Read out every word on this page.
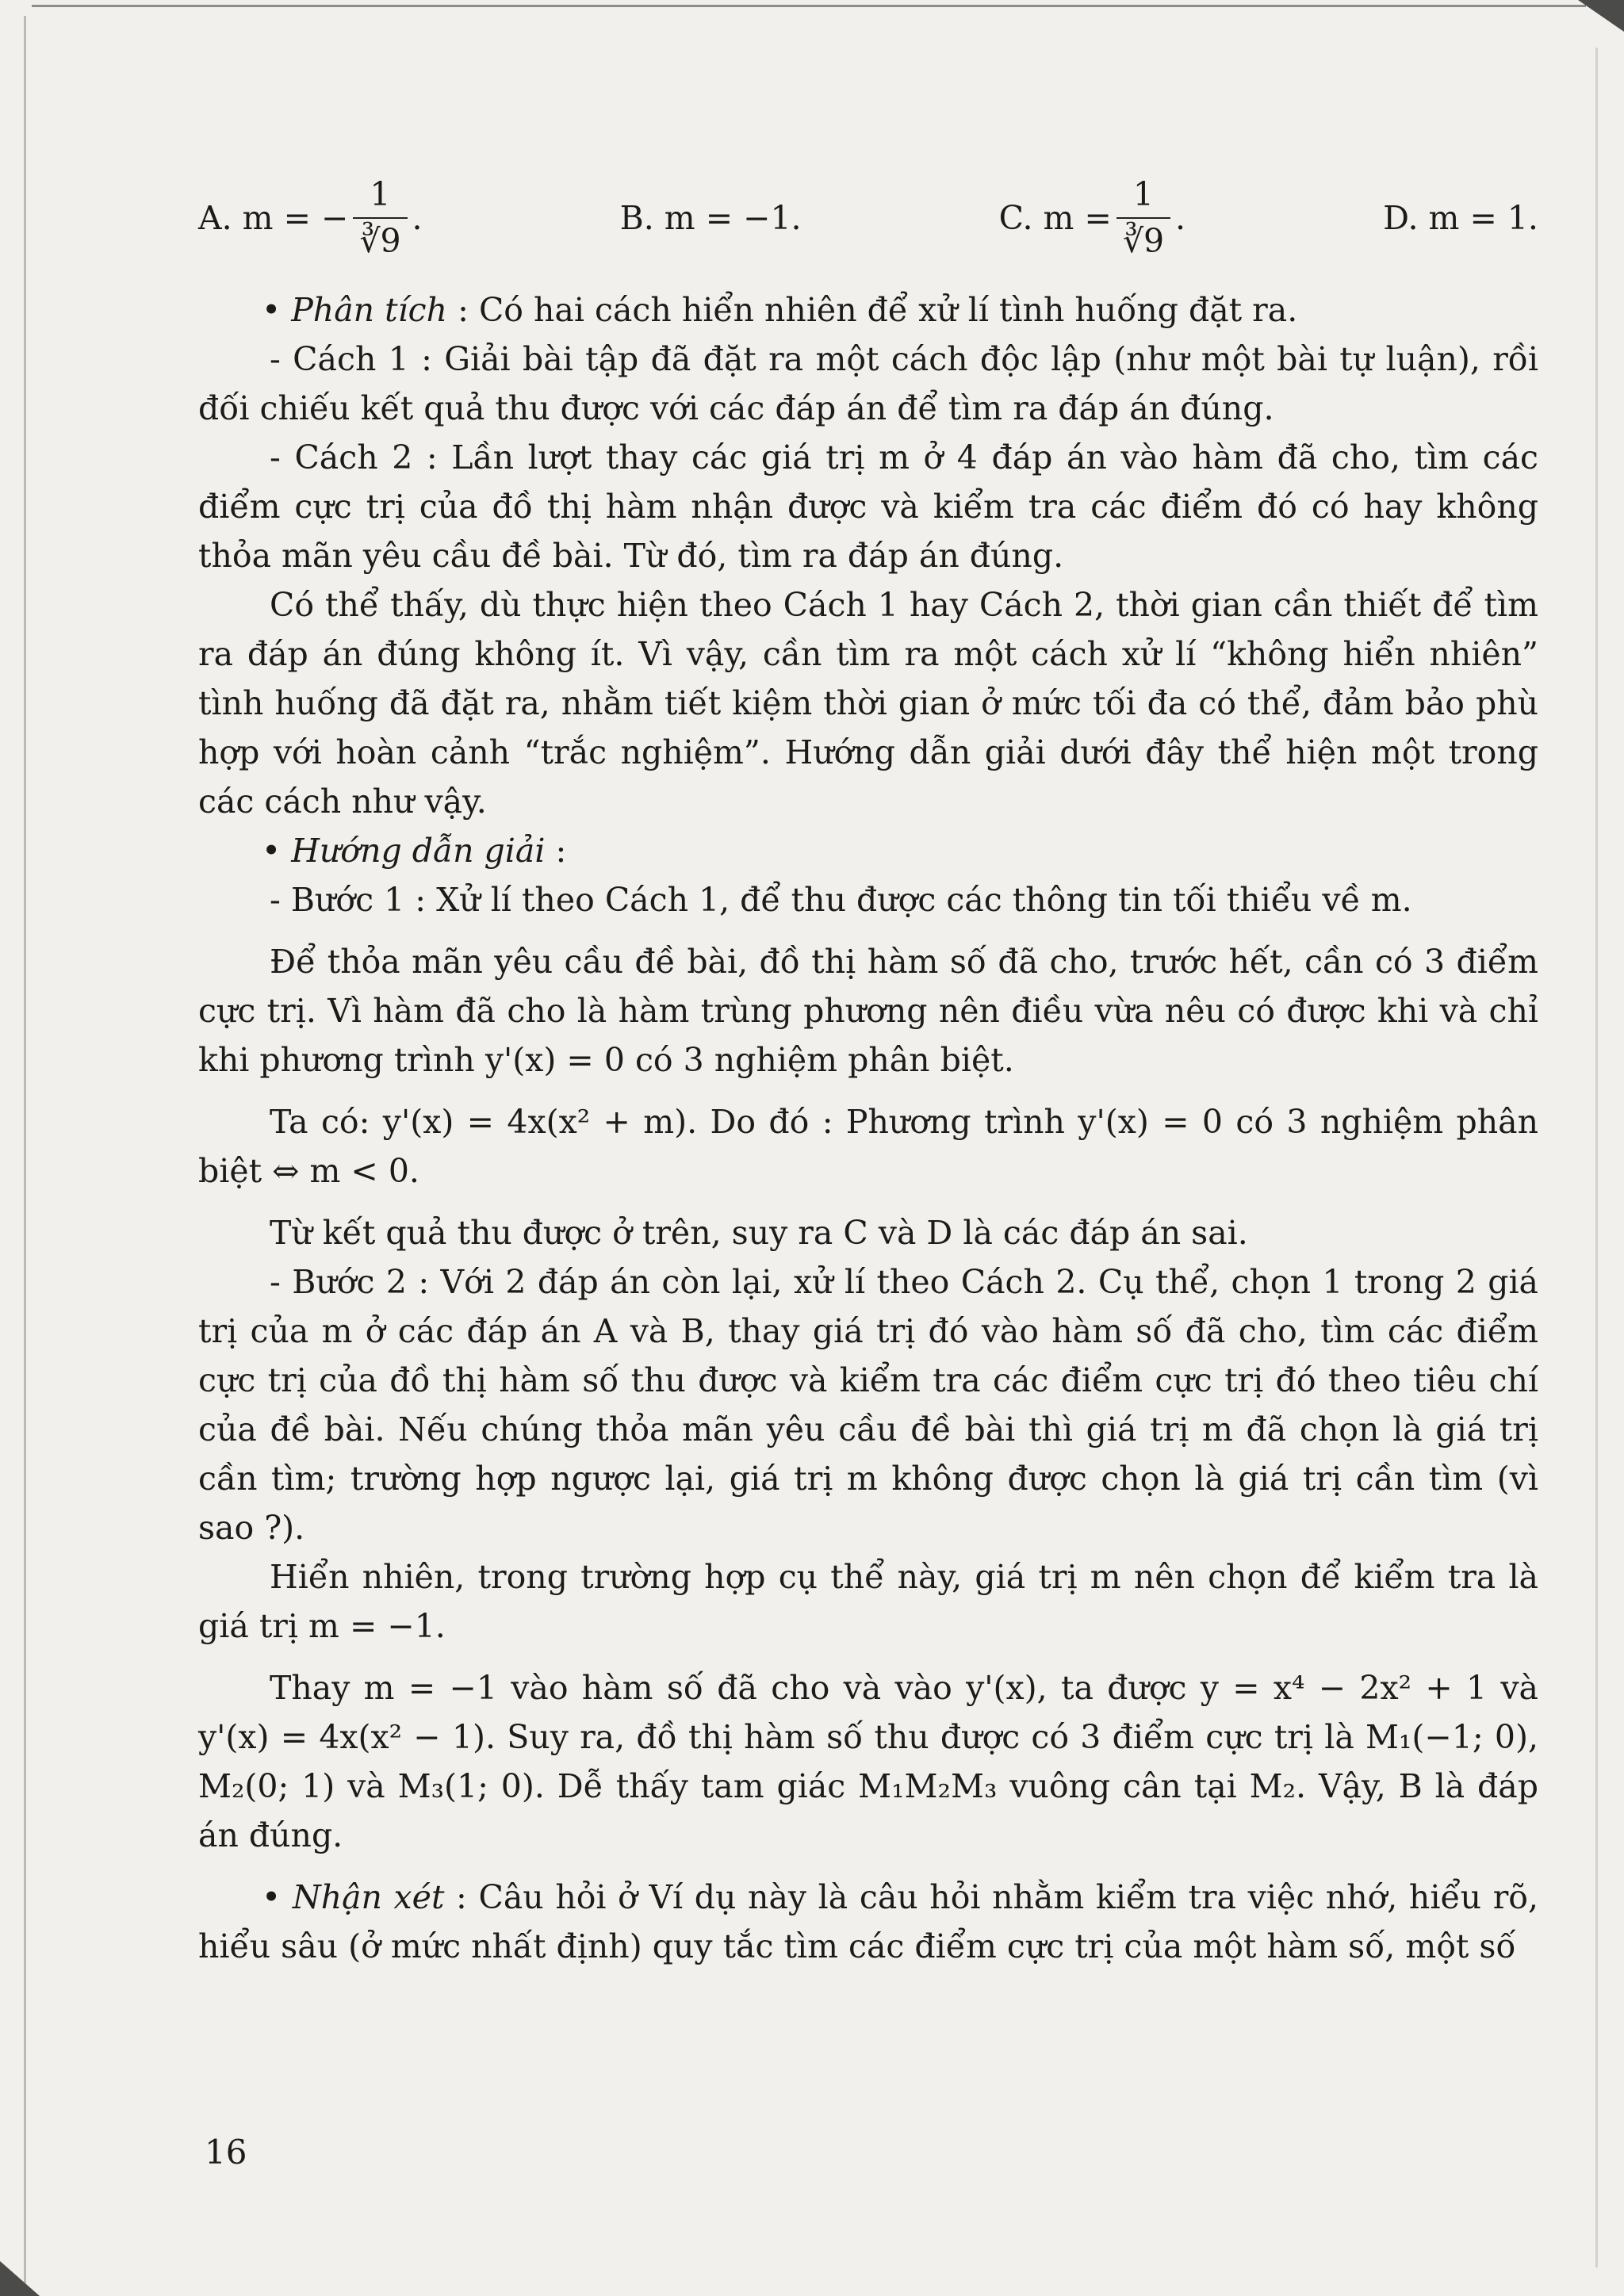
A. m = − $\frac{1}{∛9}$ .	B. m = −1.	C. $m = \frac{1}{∛9}$ .	D. m = 1.

• Phân tích : Có hai cách hiển nhiên để xử lí tình huống đặt ra.

- Cách 1 : Giải bài tập đã đặt ra một cách độc lập (như một bài tự luận), rồi đối chiếu kết quả thu được với các đáp án để tìm ra đáp án đúng.

- Cách 2 : Lần lượt thay các giá trị m ở 4 đáp án vào hàm đã cho, tìm các điểm cực trị của đồ thị hàm nhận được và kiểm tra các điểm đó có hay không thỏa mãn yêu cầu đề bài. Từ đó, tìm ra đáp án đúng.

Có thể thấy, dù thực hiện theo Cách 1 hay Cách 2, thời gian cần thiết để tìm ra đáp án đúng không ít. Vì vậy, cần tìm ra một cách xử lí “không hiển nhiên” tình huống đã đặt ra, nhằm tiết kiệm thời gian ở mức tối đa có thể, đảm bảo phù hợp với hoàn cảnh “trắc nghiệm”. Hướng dẫn giải dưới đây thể hiện một trong các cách như vậy.

• Hướng dẫn giải :

- Bước 1 : Xử lí theo Cách 1, để thu được các thông tin tối thiểu về m.

Để thỏa mãn yêu cầu đề bài, đồ thị hàm số đã cho, trước hết, cần có 3 điểm cực trị. Vì hàm đã cho là hàm trùng phương nên điều vừa nêu có được khi và chỉ khi phương trình y'(x) = 0 có 3 nghiệm phân biệt.

Ta có: y'(x) = 4x(x² + m). Do đó : Phương trình y'(x) = 0 có 3 nghiệm phân biệt ⇔ m < 0.

Từ kết quả thu được ở trên, suy ra C và D là các đáp án sai.

- Bước 2 : Với 2 đáp án còn lại, xử lí theo Cách 2. Cụ thể, chọn 1 trong 2 giá trị của m ở các đáp án A và B, thay giá trị đó vào hàm số đã cho, tìm các điểm cực trị của đồ thị hàm số thu được và kiểm tra các điểm cực trị đó theo tiêu chí của đề bài. Nếu chúng thỏa mãn yêu cầu đề bài thì giá trị m đã chọn là giá trị cần tìm; trường hợp ngược lại, giá trị m không được chọn là giá trị cần tìm (vì sao ?).

Hiển nhiên, trong trường hợp cụ thể này, giá trị m nên chọn để kiểm tra là giá trị m = −1.

Thay m = −1 vào hàm số đã cho và vào y'(x), ta được y = x⁴ − 2x² + 1 và y'(x) = 4x(x² − 1). Suy ra, đồ thị hàm số thu được có 3 điểm cực trị là M₁(−1; 0), M₂(0; 1) và M₃(1; 0). Dễ thấy tam giác M₁M₂M₃ vuông cân tại M₂. Vậy, B là đáp án đúng.

• Nhận xét : Câu hỏi ở Ví dụ này là câu hỏi nhằm kiểm tra việc nhớ, hiểu rõ, hiểu sâu (ở mức nhất định) quy tắc tìm các điểm cực trị của một hàm số, một số

16
